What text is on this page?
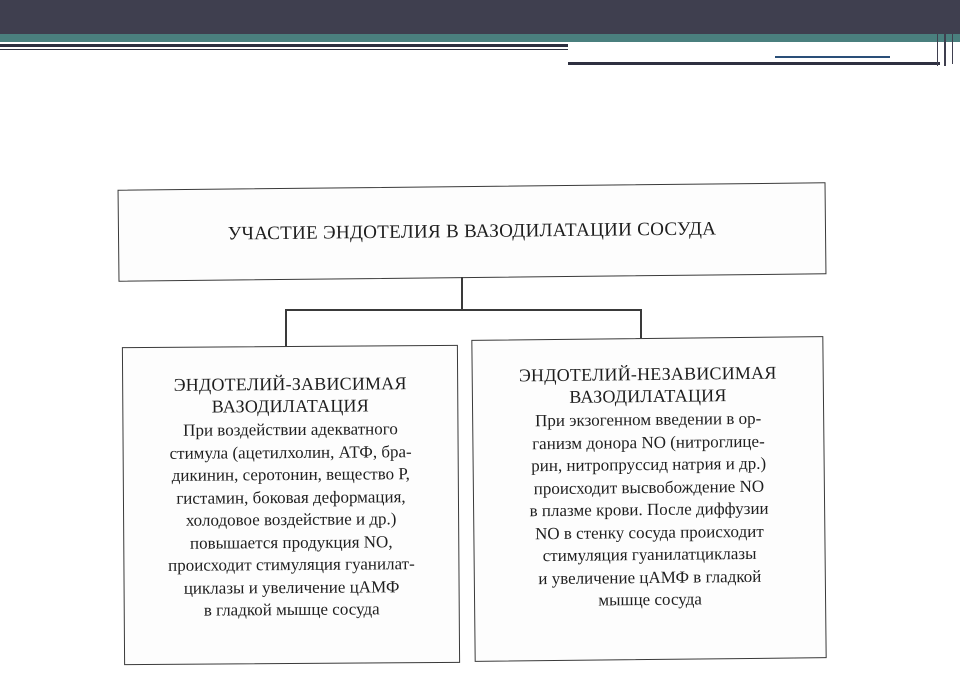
УЧАСТИЕ ЭНДОТЕЛИЯ В ВАЗОДИЛАТАЦИИ СОСУДА
ЭНДОТЕЛИЙ-ЗАВИСИМАЯ
ВАЗОДИЛАТАЦИЯ
При воздействии адекватного
стимула (ацетилхолин, АТФ, бра-
дикинин, серотонин, вещество Р,
гистамин, боковая деформация,
холодовое воздействие и др.)
повышается продукция NO,
происходит стимуляция гуанилат-
циклазы и увеличение цАМФ
в гладкой мышце сосуда
ЭНДОТЕЛИЙ-НЕЗАВИСИМАЯ
ВАЗОДИЛАТАЦИЯ
При экзогенном введении в ор-
ганизм донора NO (нитроглице-
рин, нитропруссид натрия и др.)
происходит высвобождение NO
в плазме крови. После диффузии
NO в стенку сосуда происходит
стимуляция гуанилатциклазы
и увеличение цАМФ в гладкой
мышце сосуда
